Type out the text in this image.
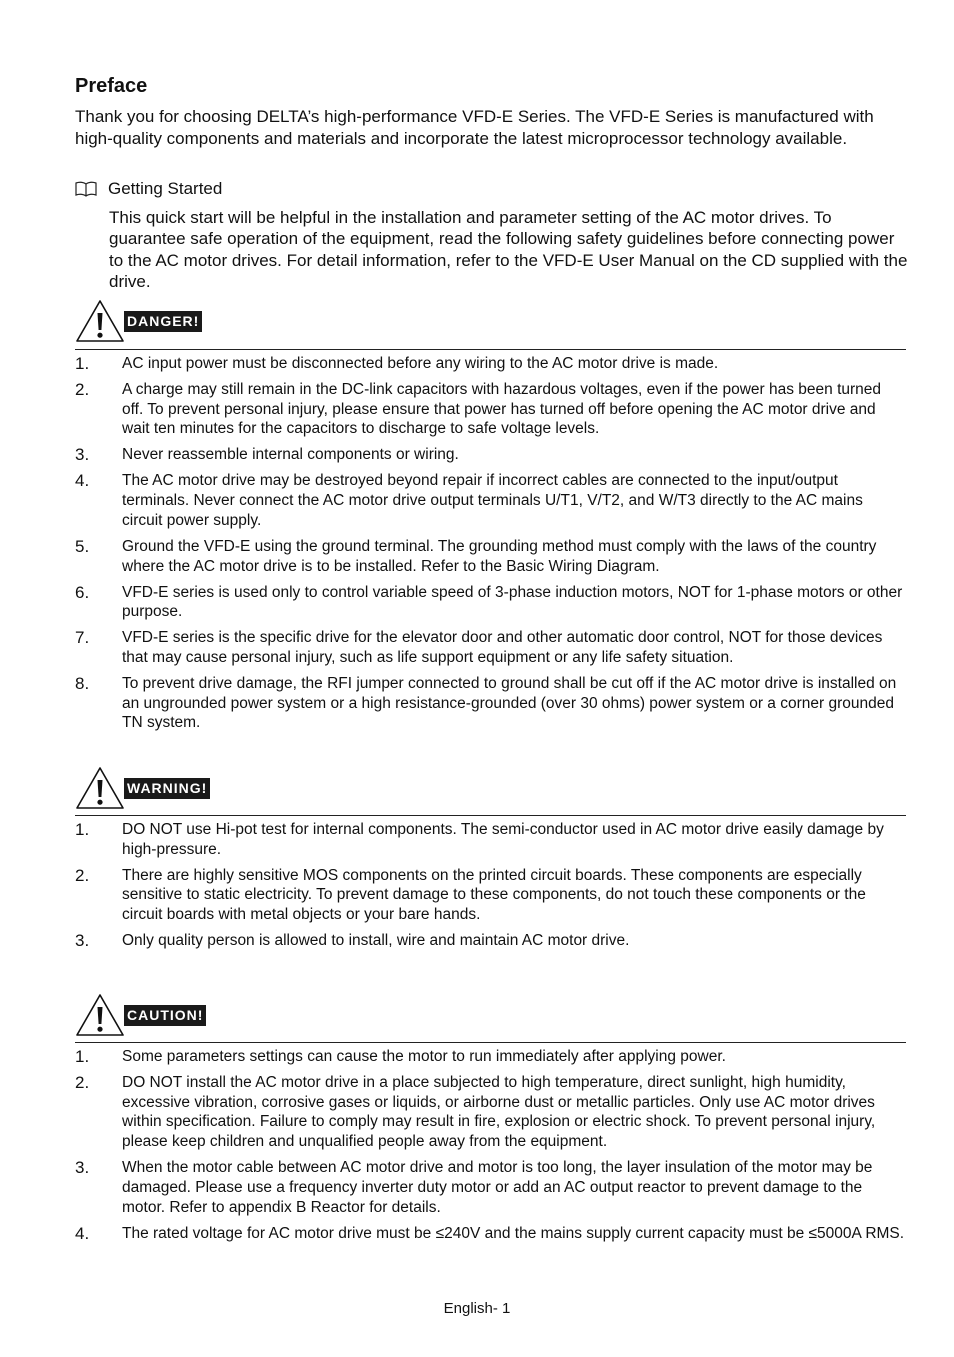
Preface
Thank you for choosing DELTA’s high-performance VFD-E Series. The VFD-E Series is manufactured with high-quality components and materials and incorporate the latest microprocessor technology available.
Getting Started
This quick start will be helpful in the installation and parameter setting of the AC motor drives. To guarantee safe operation of the equipment, read the following safety guidelines before connecting power to the AC motor drives. For detail information, refer to the VFD-E User Manual on the CD supplied with the drive.
DANGER!
1.	AC input power must be disconnected before any wiring to the AC motor drive is made.
2.	A charge may still remain in the DC-link capacitors with hazardous voltages, even if the power has been turned off. To prevent personal injury, please ensure that power has turned off before opening the AC motor drive and wait ten minutes for the capacitors to discharge to safe voltage levels.
3.	Never reassemble internal components or wiring.
4.	The AC motor drive may be destroyed beyond repair if incorrect cables are connected to the input/output terminals. Never connect the AC motor drive output terminals U/T1, V/T2, and W/T3 directly to the AC mains circuit power supply.
5.	Ground the VFD-E using the ground terminal. The grounding method must comply with the laws of the country where the AC motor drive is to be installed. Refer to the Basic Wiring Diagram.
6.	VFD-E series is used only to control variable speed of 3-phase induction motors, NOT for 1-phase motors or other purpose.
7.	VFD-E series is the specific drive for the elevator door and other automatic door control, NOT for those devices that may cause personal injury, such as life support equipment or any life safety situation.
8.	To prevent drive damage, the RFI jumper connected to ground shall be cut off if the AC motor drive is installed on an ungrounded power system or a high resistance-grounded (over 30 ohms) power system or a corner grounded TN system.
WARNING!
1.	DO NOT use Hi-pot test for internal components. The semi-conductor used in AC motor drive easily damage by high-pressure.
2.	There are highly sensitive MOS components on the printed circuit boards. These components are especially sensitive to static electricity. To prevent damage to these components, do not touch these components or the circuit boards with metal objects or your bare hands.
3.	Only quality person is allowed to install, wire and maintain AC motor drive.
CAUTION!
1.	Some parameters settings can cause the motor to run immediately after applying power.
2.	DO NOT install the AC motor drive in a place subjected to high temperature, direct sunlight, high humidity, excessive vibration, corrosive gases or liquids, or airborne dust or metallic particles. Only use AC motor drives within specification. Failure to comply may result in fire, explosion or electric shock. To prevent personal injury, please keep children and unqualified people away from the equipment.
3.	When the motor cable between AC motor drive and motor is too long, the layer insulation of the motor may be damaged. Please use a frequency inverter duty motor or add an AC output reactor to prevent damage to the motor. Refer to appendix B Reactor for details.
4.	The rated voltage for AC motor drive must be ≤240V and the mains supply current capacity must be ≤5000A RMS.
English- 1
